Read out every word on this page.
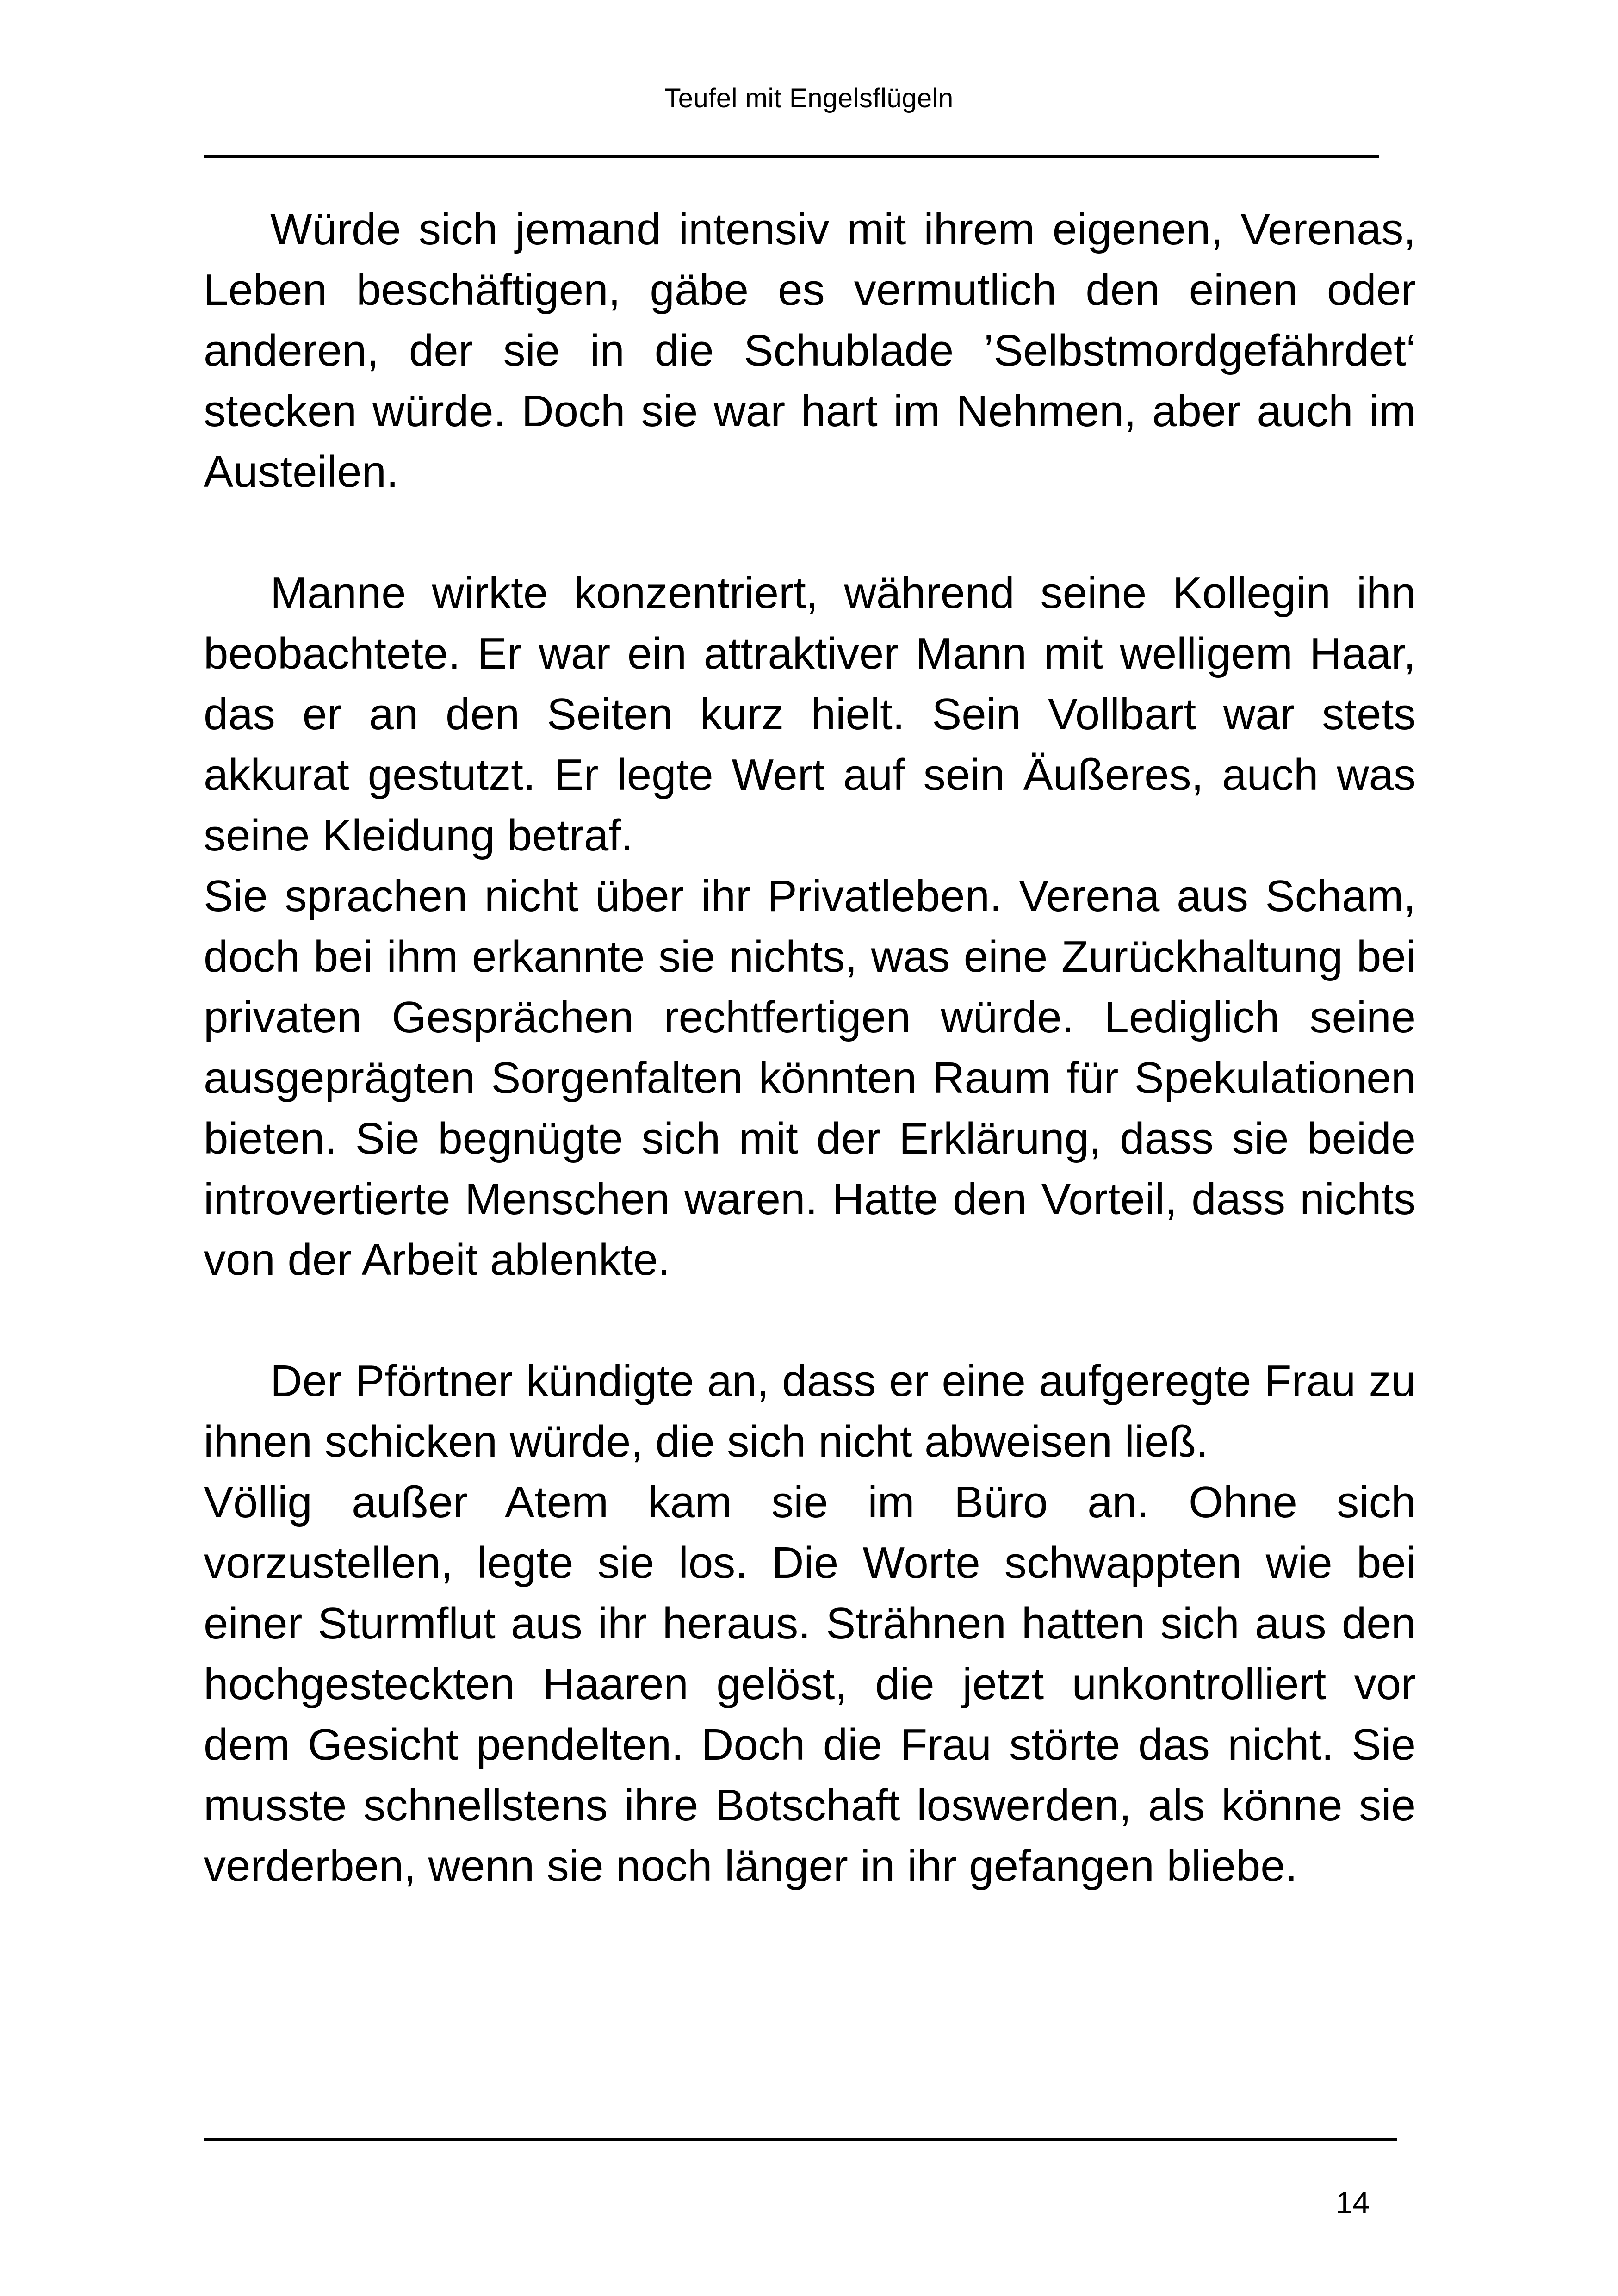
Teufel mit Engelsflügeln

Würde sich jemand intensiv mit ihrem eigenen, Verenas, Leben beschäftigen, gäbe es vermutlich den einen oder anderen, der sie in die Schublade ’Selbstmordgefährdet‘ stecken würde. Doch sie war hart im Nehmen, aber auch im Austeilen.

Manne wirkte konzentriert, während seine Kollegin ihn beobachtete. Er war ein attraktiver Mann mit welligem Haar, das er an den Seiten kurz hielt. Sein Vollbart war stets akkurat gestutzt. Er legte Wert auf sein Äußeres, auch was seine Kleidung betraf.

Sie sprachen nicht über ihr Privatleben. Verena aus Scham, doch bei ihm erkannte sie nichts, was eine Zurückhaltung bei privaten Gesprächen rechtfertigen würde. Lediglich seine ausgeprägten Sorgenfalten könnten Raum für Spekulationen bieten. Sie begnügte sich mit der Erklärung, dass sie beide introvertierte Menschen waren. Hatte den Vorteil, dass nichts von der Arbeit ablenkte.

Der Pförtner kündigte an, dass er eine aufgeregte Frau zu ihnen schicken würde, die sich nicht abweisen ließ.

Völlig außer Atem kam sie im Büro an. Ohne sich vorzustellen, legte sie los. Die Worte schwappten wie bei einer Sturmflut aus ihr heraus. Strähnen hatten sich aus den hochgesteckten Haaren gelöst, die jetzt unkontrolliert vor dem Gesicht pendelten. Doch die Frau störte das nicht. Sie musste schnellstens ihre Botschaft loswerden, als könne sie verderben, wenn sie noch länger in ihr gefangen bliebe.

14
